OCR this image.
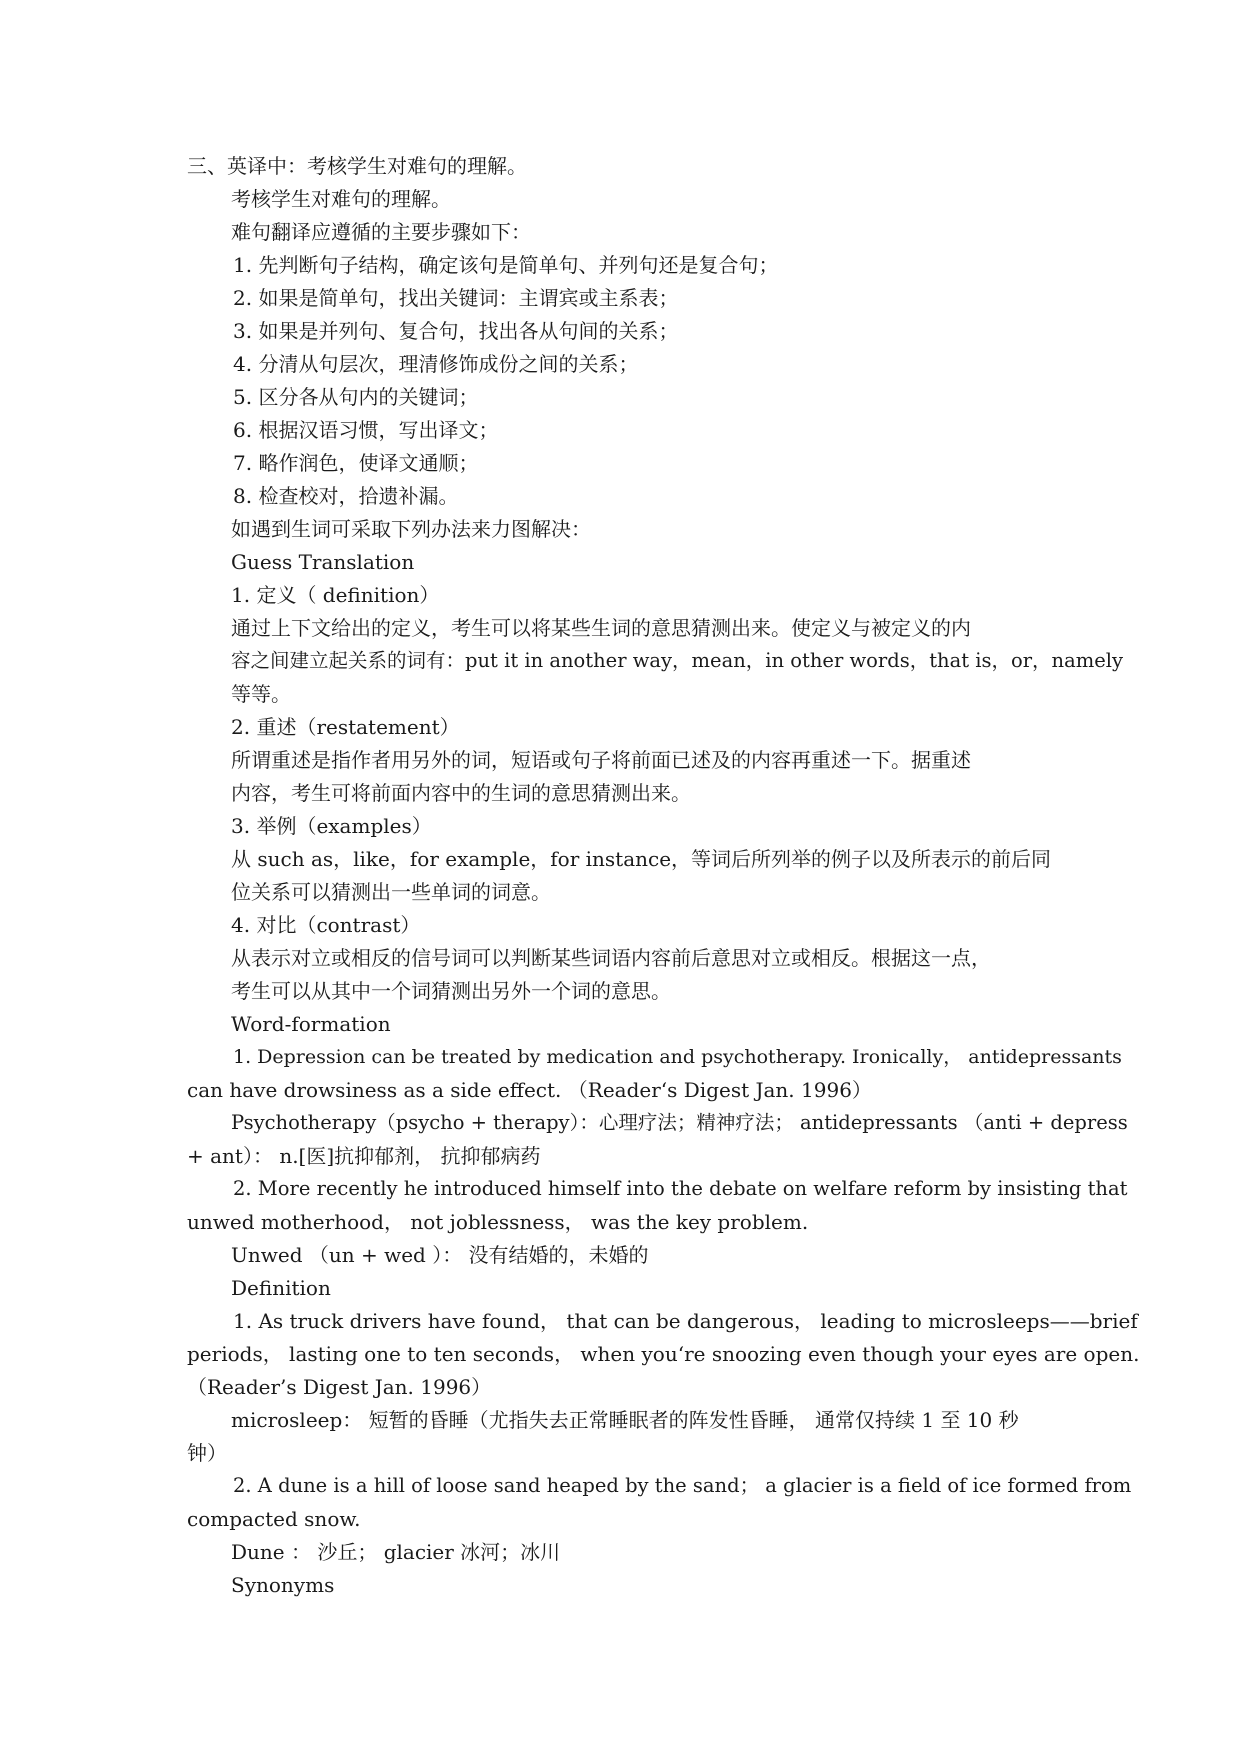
三、英译中：考核学生对难句的理解。
考核学生对难句的理解。
难句翻译应遵循的主要步骤如下：
1. 先判断句子结构，确定该句是简单句、并列句还是复合句；
2. 如果是简单句，找出关键词：主谓宾或主系表；
3. 如果是并列句、复合句，找出各从句间的关系；
4. 分清从句层次，理清修饰成份之间的关系；
5. 区分各从句内的关键词；
6. 根据汉语习惯，写出译文；
7. 略作润色，使译文通顺；
8. 检查校对，拾遗补漏。
如遇到生词可采取下列办法来力图解决：
Guess Translation
1. 定义（ definition）
通过上下文给出的定义，考生可以将某些生词的意思猜测出来。使定义与被定义的内
容之间建立起关系的词有：put it in another way，mean，in other words，that is，or，namely
等等。
2. 重述（restatement）
所谓重述是指作者用另外的词，短语或句子将前面已述及的内容再重述一下。据重述
内容，考生可将前面内容中的生词的意思猜测出来。
3. 举例（examples）
从 such as，like，for example，for instance，等词后所列举的例子以及所表示的前后同
位关系可以猜测出一些单词的词意。
4. 对比（contrast）
从表示对立或相反的信号词可以判断某些词语内容前后意思对立或相反。根据这一点，
考生可以从其中一个词猜测出另外一个词的意思。
Word-formation
1. Depression can be treated by medication and psychotherapy. Ironically， antidepressants
can have drowsiness as a side effect. （Reader‘s Digest Jan. 1996）
Psychotherapy（psycho + therapy）：心理疗法；精神疗法； antidepressants （anti + depress
+ ant）： n.[医]抗抑郁剂， 抗抑郁病药
2. More recently he introduced himself into the debate on welfare reform by insisting that
unwed motherhood， not joblessness， was the key problem.
Unwed （un + wed ）： 没有结婚的，未婚的
Definition
1. As truck drivers have found， that can be dangerous， leading to microsleeps——brief
periods， lasting one to ten seconds， when you‘re snoozing even though your eyes are open.
（Reader’s Digest Jan. 1996）
microsleep： 短暂的昏睡（尤指失去正常睡眠者的阵发性昏睡， 通常仅持续 1 至 10 秒
钟）
2. A dune is a hill of loose sand heaped by the sand； a glacier is a field of ice formed from
compacted snow.
Dune ： 沙丘； glacier 冰河；冰川
Synonyms
